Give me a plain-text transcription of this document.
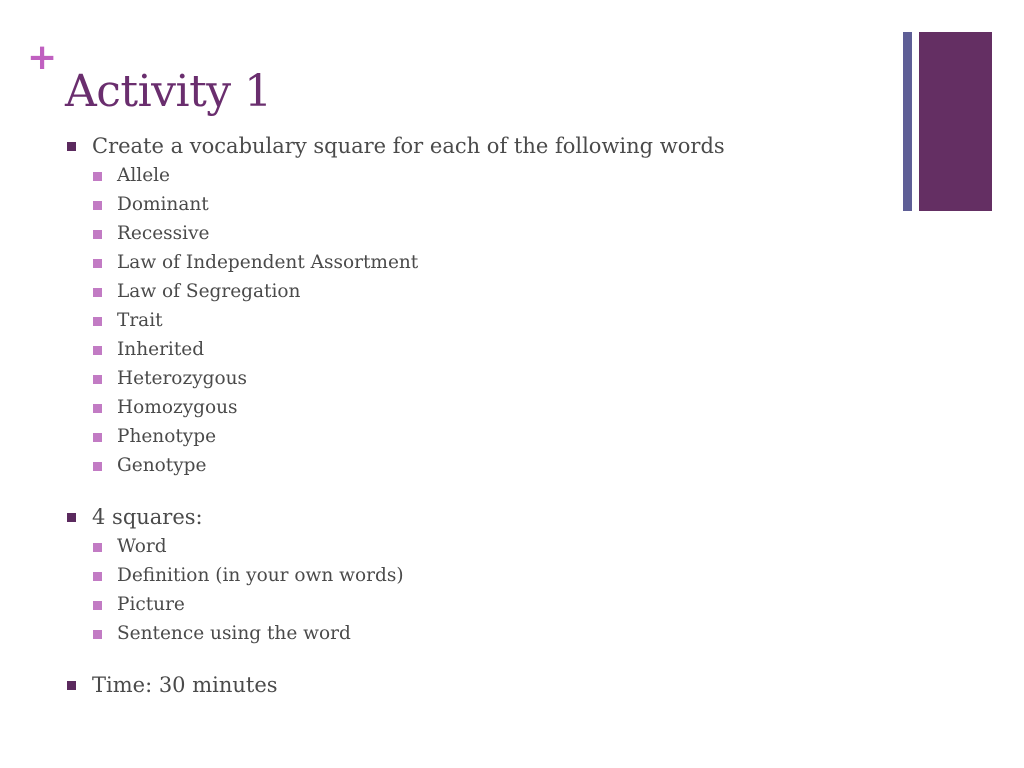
+
Activity 1
Create a vocabulary square for each of the following words
Allele
Dominant
Recessive
Law of Independent Assortment
Law of Segregation
Trait
Inherited
Heterozygous
Homozygous
Phenotype
Genotype
4 squares:
Word
Definition (in your own words)
Picture
Sentence using the word
Time: 30 minutes
